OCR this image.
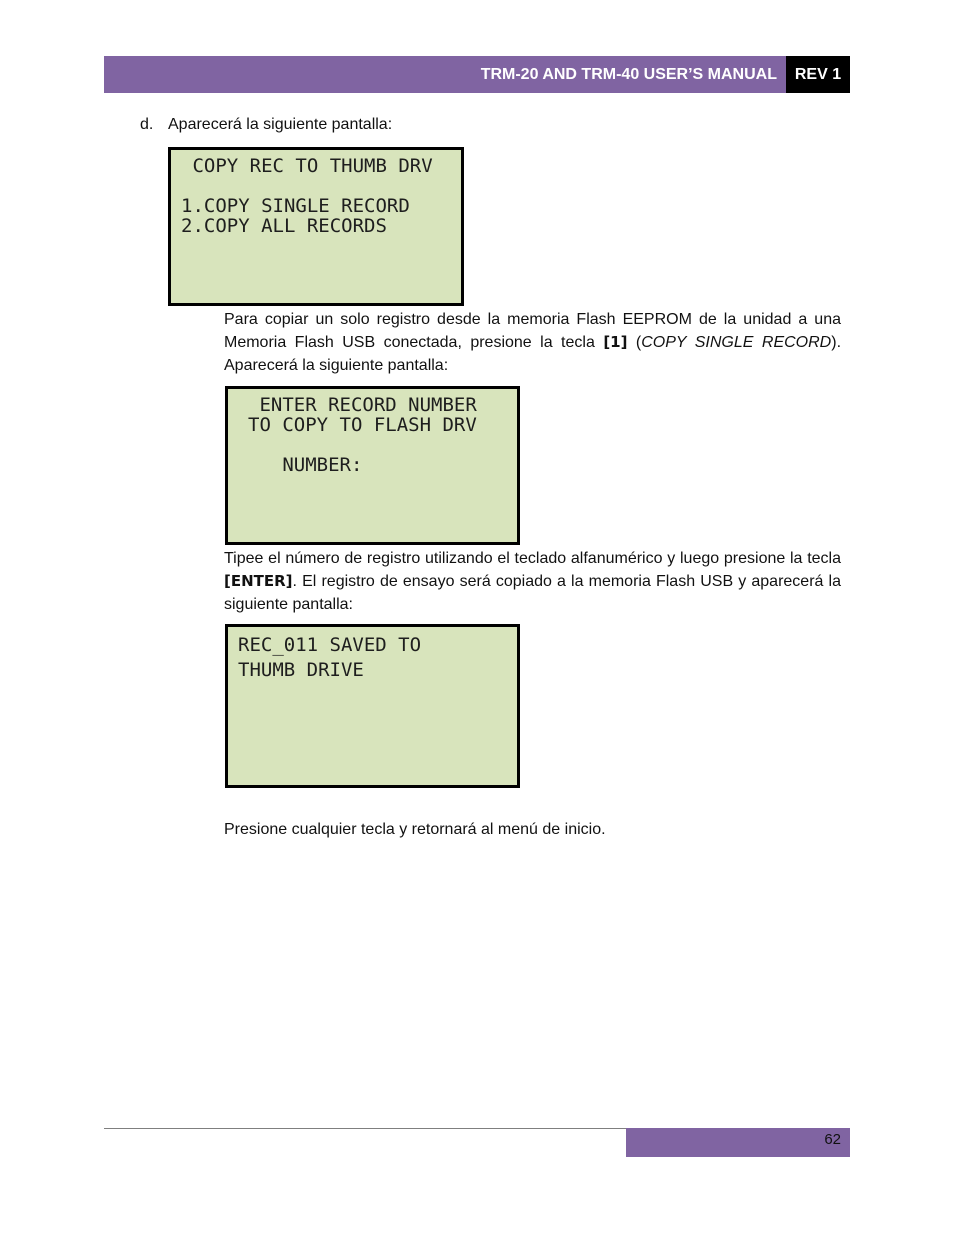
TRM-20 AND TRM-40 USER’S MANUAL REV 1
d. Aparecerá la siguiente pantalla:
COPY REC TO THUMB DRV

1.COPY SINGLE RECORD
2.COPY ALL RECORDS
Para copiar un solo registro desde la memoria Flash EEPROM de la unidad a una Memoria Flash USB conectada, presione la tecla [1] (COPY SINGLE RECORD). Aparecerá la siguiente pantalla:
ENTER RECORD NUMBER
TO COPY TO FLASH DRV

NUMBER:
Tipee el número de registro utilizando el teclado alfanumérico y luego presione la tecla [ENTER]. El registro de ensayo será copiado a la memoria Flash USB y aparecerá la siguiente pantalla:
REC_011 SAVED TO
THUMB DRIVE
Presione cualquier tecla y retornará al menú de inicio.
62
